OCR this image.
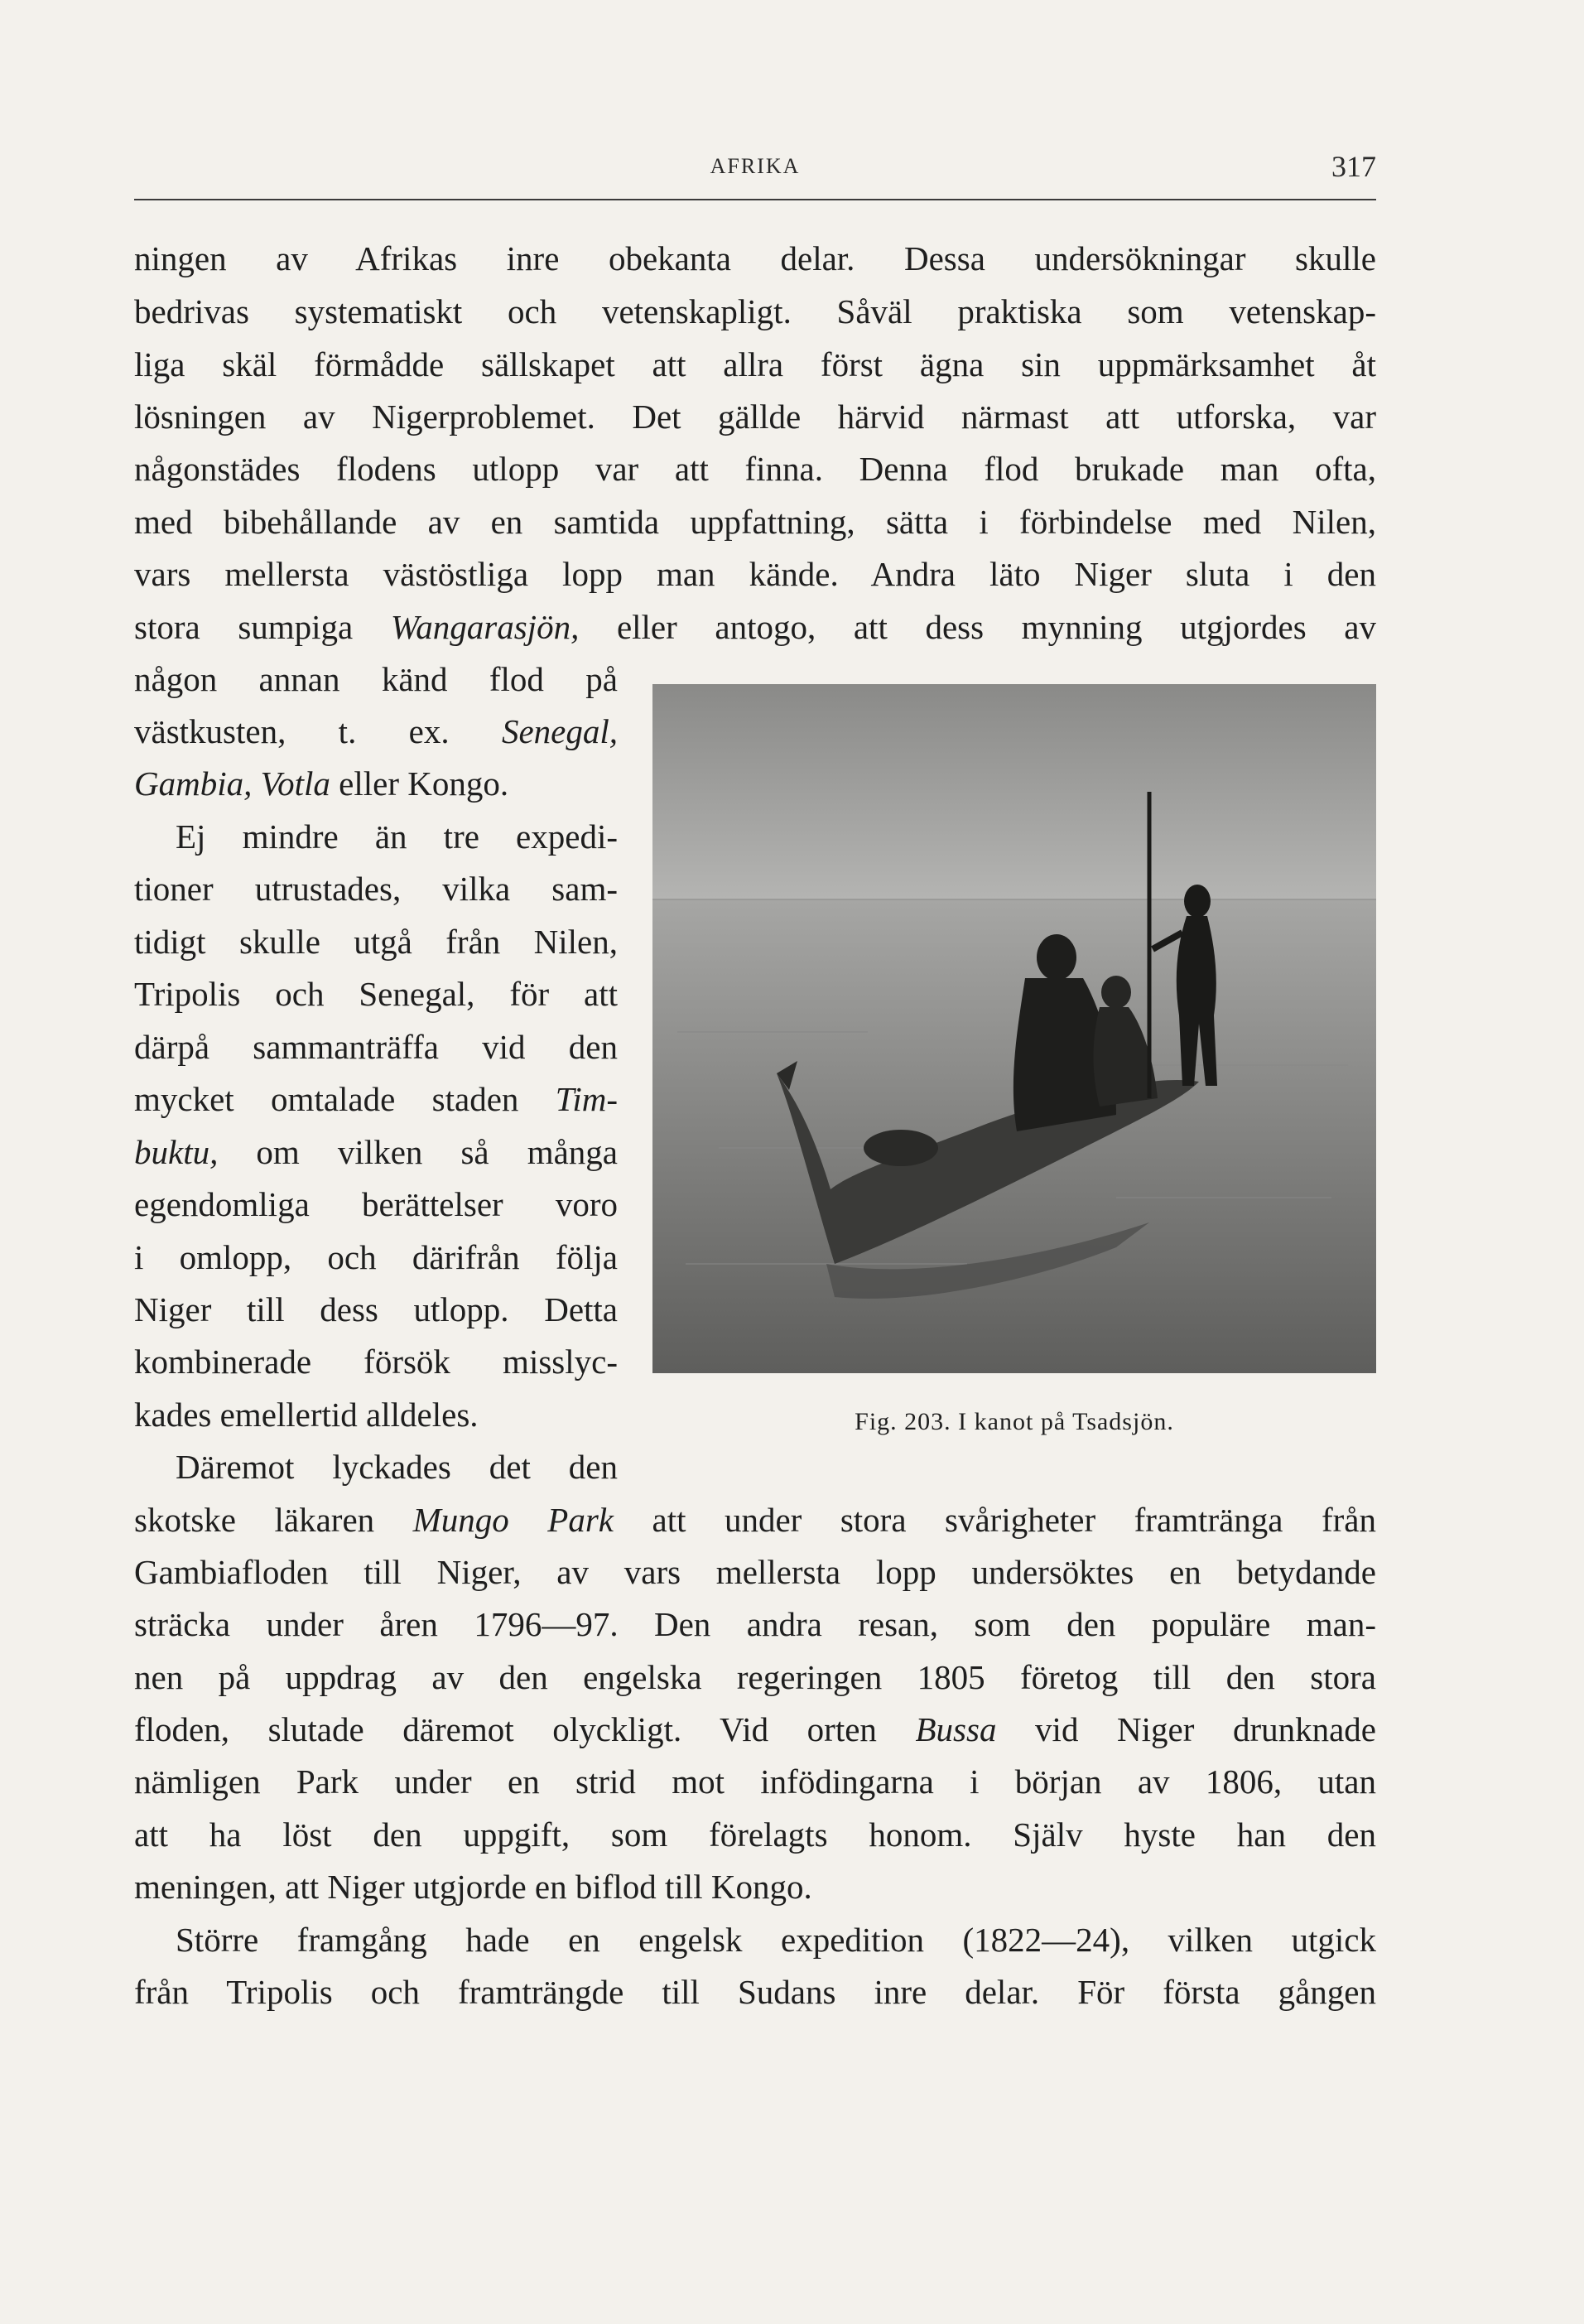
AFRIKA	317
ningen av Afrikas inre obekanta delar. Dessa undersökningar skulle
bedrivas systematiskt och vetenskapligt. Såväl praktiska som vetenskap-
liga skäl förmådde sällskapet att allra först ägna sin uppmärksamhet åt
lösningen av Nigerproblemet. Det gällde härvid närmast att utforska, var
någonstädes flodens utlopp var att finna. Denna flod brukade man ofta,
med bibehållande av en samtida uppfattning, sätta i förbindelse med Nilen,
vars mellersta västöstliga lopp man kände. Andra läto Niger sluta i den
stora sumpiga Wangarasjön, eller antogo, att dess mynning utgjordes av
någon annan känd flod på
västkusten, t. ex. Senegal,
Gambia, Votla eller Kongo.
Ej mindre än tre expedi-
tioner utrustades, vilka sam-
tidigt skulle utgå från Nilen,
Tripolis och Senegal, för att
därpå sammanträffa vid den
mycket omtalade staden Tim-
buktu, om vilken så många
egendomliga berättelser voro
i omlopp, och därifrån följa
Niger till dess utlopp. Detta
kombinerade försök misslyc-
kades emellertid alldeles.
Däremot lyckades det den
Fig. 203. I kanot på Tsadsjön.
skotske läkaren Mungo Park att under stora svårigheter framtränga från
Gambiafloden till Niger, av vars mellersta lopp undersöktes en betydande
sträcka under åren 1796—97. Den andra resan, som den populäre man-
nen på uppdrag av den engelska regeringen 1805 företog till den stora
floden, slutade däremot olyckligt. Vid orten Bussa vid Niger drunknade
nämligen Park under en strid mot infödingarna i början av 1806, utan
att ha löst den uppgift, som förelagts honom. Själv hyste han den
meningen, att Niger utgjorde en biflod till Kongo.
Större framgång hade en engelsk expedition (1822—24), vilken utgick
från Tripolis och framträngde till Sudans inre delar. För första gången
